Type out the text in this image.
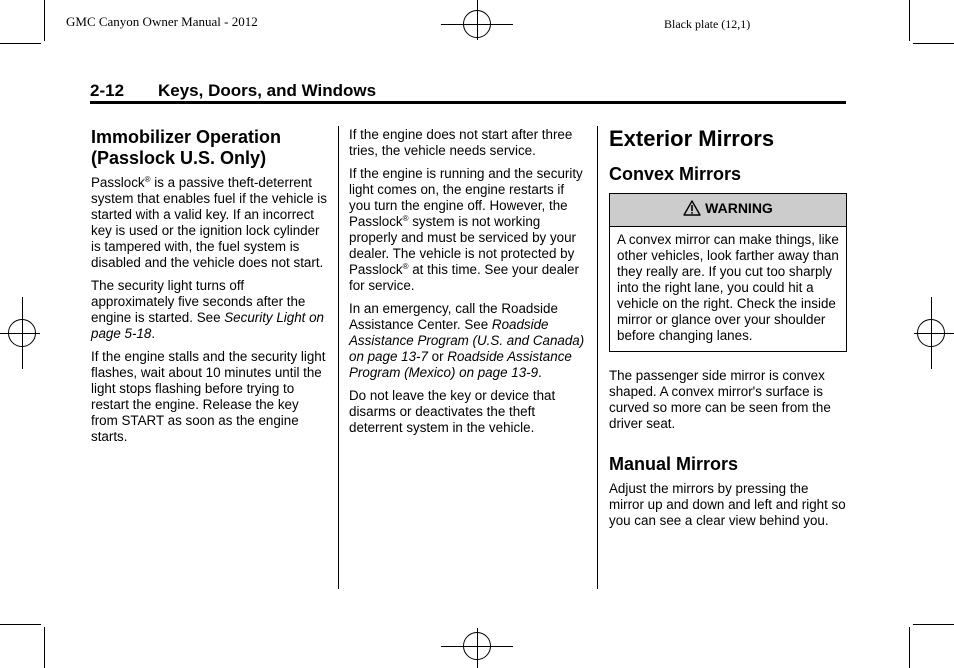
GMC Canyon Owner Manual - 2012	Black plate (12,1)
2-12 Keys, Doors, and Windows
Immobilizer Operation (Passlock U.S. Only)

Passlock® is a passive theft-deterrent system that enables fuel if the vehicle is started with a valid key. If an incorrect key is used or the ignition lock cylinder is tampered with, the fuel system is disabled and the vehicle does not start.

The security light turns off approximately five seconds after the engine is started. See Security Light on page 5-18.

If the engine stalls and the security light flashes, wait about 10 minutes until the light stops flashing before trying to restart the engine. Release the key from START as soon as the engine starts.

If the engine does not start after three tries, the vehicle needs service.

If the engine is running and the security light comes on, the engine restarts if you turn the engine off. However, the Passlock® system is not working properly and must be serviced by your dealer. The vehicle is not protected by Passlock® at this time. See your dealer for service.

In an emergency, call the Roadside Assistance Center. See Roadside Assistance Program (U.S. and Canada) on page 13-7 or Roadside Assistance Program (Mexico) on page 13-9.

Do not leave the key or device that disarms or deactivates the theft deterrent system in the vehicle.

Exterior Mirrors
Convex Mirrors
WARNING
A convex mirror can make things, like other vehicles, look farther away than they really are. If you cut too sharply into the right lane, you could hit a vehicle on the right. Check the inside mirror or glance over your shoulder before changing lanes.

The passenger side mirror is convex shaped. A convex mirror's surface is curved so more can be seen from the driver seat.

Manual Mirrors

Adjust the mirrors by pressing the mirror up and down and left and right so you can see a clear view behind you.
